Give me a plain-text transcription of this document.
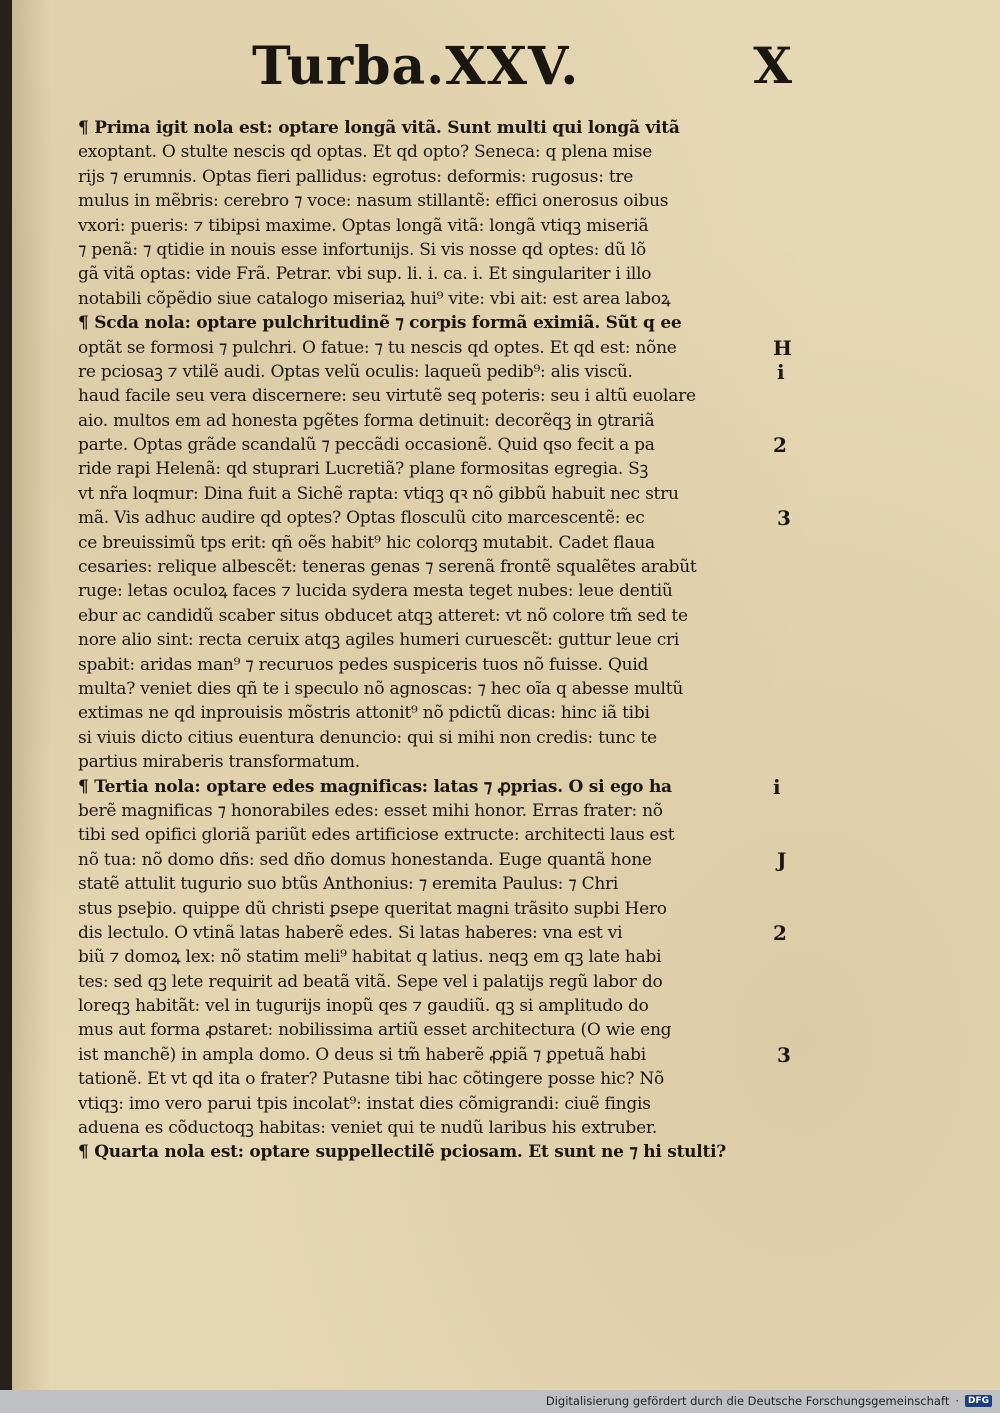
Turba.XXV.	X
¶ Prima igit nola est: optare longã vitã. Sunt multi qui longã vitã
exoptant. O stulte nescis qd optas. Et qd opto? Seneca: q plena mise
rijs ⁊ erumnis. Optas fieri pallidus: egrotus: deformis: rugosus: tre
mulus in mẽbris: cerebro ⁊ voce: nasum stillantẽ: effici onerosus oibus
vxori: pueris: ⁊ tibipsi maxime. Optas longã vitã: longã vtiqꝫ miseriã
⁊ penã: ⁊ qtidie in nouis esse infortunijs. Si vis nosse qd optes: dũ lõ
gã vitã optas: vide Frã. Petrar. vbi sup. li. i. ca. i. Et singulariter i illo
notabili cõpẽdio siue catalogo miseriaꝝ hui⁹ vite: vbi ait: est area laboꝝ
¶ Scda nola: optare pulchritudinẽ ⁊ corpis formã eximiã. Sũt q ee
optãt se formosi ⁊ pulchri. O fatue: ⁊ tu nescis qd optes. Et qd est: nõne
re pciosaꝫ ⁊ vtilẽ audi. Optas velũ oculis: laqueũ pedib⁹: alis viscũ.
haud facile seu vera discernere: seu virtutẽ seq poteris: seu i altũ euolare
aio. multos em ad honesta pgẽtes forma detinuit: decorẽqꝫ in ꝯtrariã
parte. Optas grãde scandalũ ⁊ peccãdi occasionẽ. Quid qso fecit a pa
ride rapi Helenã: qd stuprari Lucretiã? plane formositas egregia. Sꝫ
vt nr̃a loqmur: Dina fuit a Sichẽ rapta: vtiqꝫ qꝛ nõ gibbũ habuit nec stru
mã. Vis adhuc audire qd optes? Optas flosculũ cito marcescentẽ: ec
ce breuissimũ tps erit: qñ oẽs habit⁹ hic colorqꝫ mutabit. Cadet flaua
cesaries: relique albescẽt: teneras genas ⁊ serenã frontẽ squalẽtes arabũt
ruge: letas oculoꝝ faces ⁊ lucida sydera mesta teget nubes: leue dentiũ
ebur ac candidũ scaber situs obducet atqꝫ atteret: vt nõ colore tm̃ sed te
nore alio sint: recta ceruix atqꝫ agiles humeri curuescẽt: guttur leue cri
spabit: aridas man⁹ ⁊ recuruos pedes suspiceris tuos nõ fuisse. Quid
multa? veniet dies qñ te i speculo nõ agnoscas: ⁊ hec oĩa q abesse multũ
extimas ne qd inprouisis mõstris attonit⁹ nõ pdictũ dicas: hinc iã tibi
si viuis dicto citius euentura denuncio: qui si mihi non credis: tunc te
partius miraberis transformatum.
¶ Tertia nola: optare edes magnificas: latas ⁊ ꝓprias. O si ego ha
berẽ magnificas ⁊ honorabiles edes: esset mihi honor. Erras frater: nõ
tibi sed opifici gloriã pariũt edes artificiose extructe: architecti laus est
nõ tua: nõ domo dñs: sed dño domus honestanda. Euge quantã hone
statẽ attulit tugurio suo btũs Anthonius: ⁊ eremita Paulus: ⁊ Chri
stus pseþio. quippe dũ christi ꝑsepe queritat magni trãsito supbi Hero
dis lectulo. O vtinã latas haberẽ edes. Si latas haberes: vna est vi
biũ ⁊ domoꝝ lex: nõ statim meli⁹ habitat q latius. neqꝫ em qꝫ late habi
tes: sed qꝫ lete requirit ad beatã vitã. Sepe vel i palatijs regũ labor do
loreqꝫ habitãt: vel in tugurijs inopũ qes ⁊ gaudiũ. qꝫ si amplitudo do
mus aut forma ꝓstaret: nobilissima artiũ esset architectura (O wie eng
ist manchẽ) in ampla domo. O deus si tm̃ haberẽ ꝓꝑiã ⁊ ꝑpetuã habi
tationẽ. Et vt qd ita o frater? Putasne tibi hac cõtingere posse hic? Nõ
vtiqꝫ: imo vero parui tpis incolat⁹: instat dies cõmigrandi: ciuẽ fingis
aduena es cõductoqꝫ habitas: veniet qui te nudũ laribus his extruber.
¶ Quarta nola est: optare suppellectilẽ pciosam. Et sunt ne ⁊ hi stulti?
H
i
2
3
i
J
2
3
Digitalisierung gefördert durch die Deutsche Forschungsgemeinschaft ·	DFG
